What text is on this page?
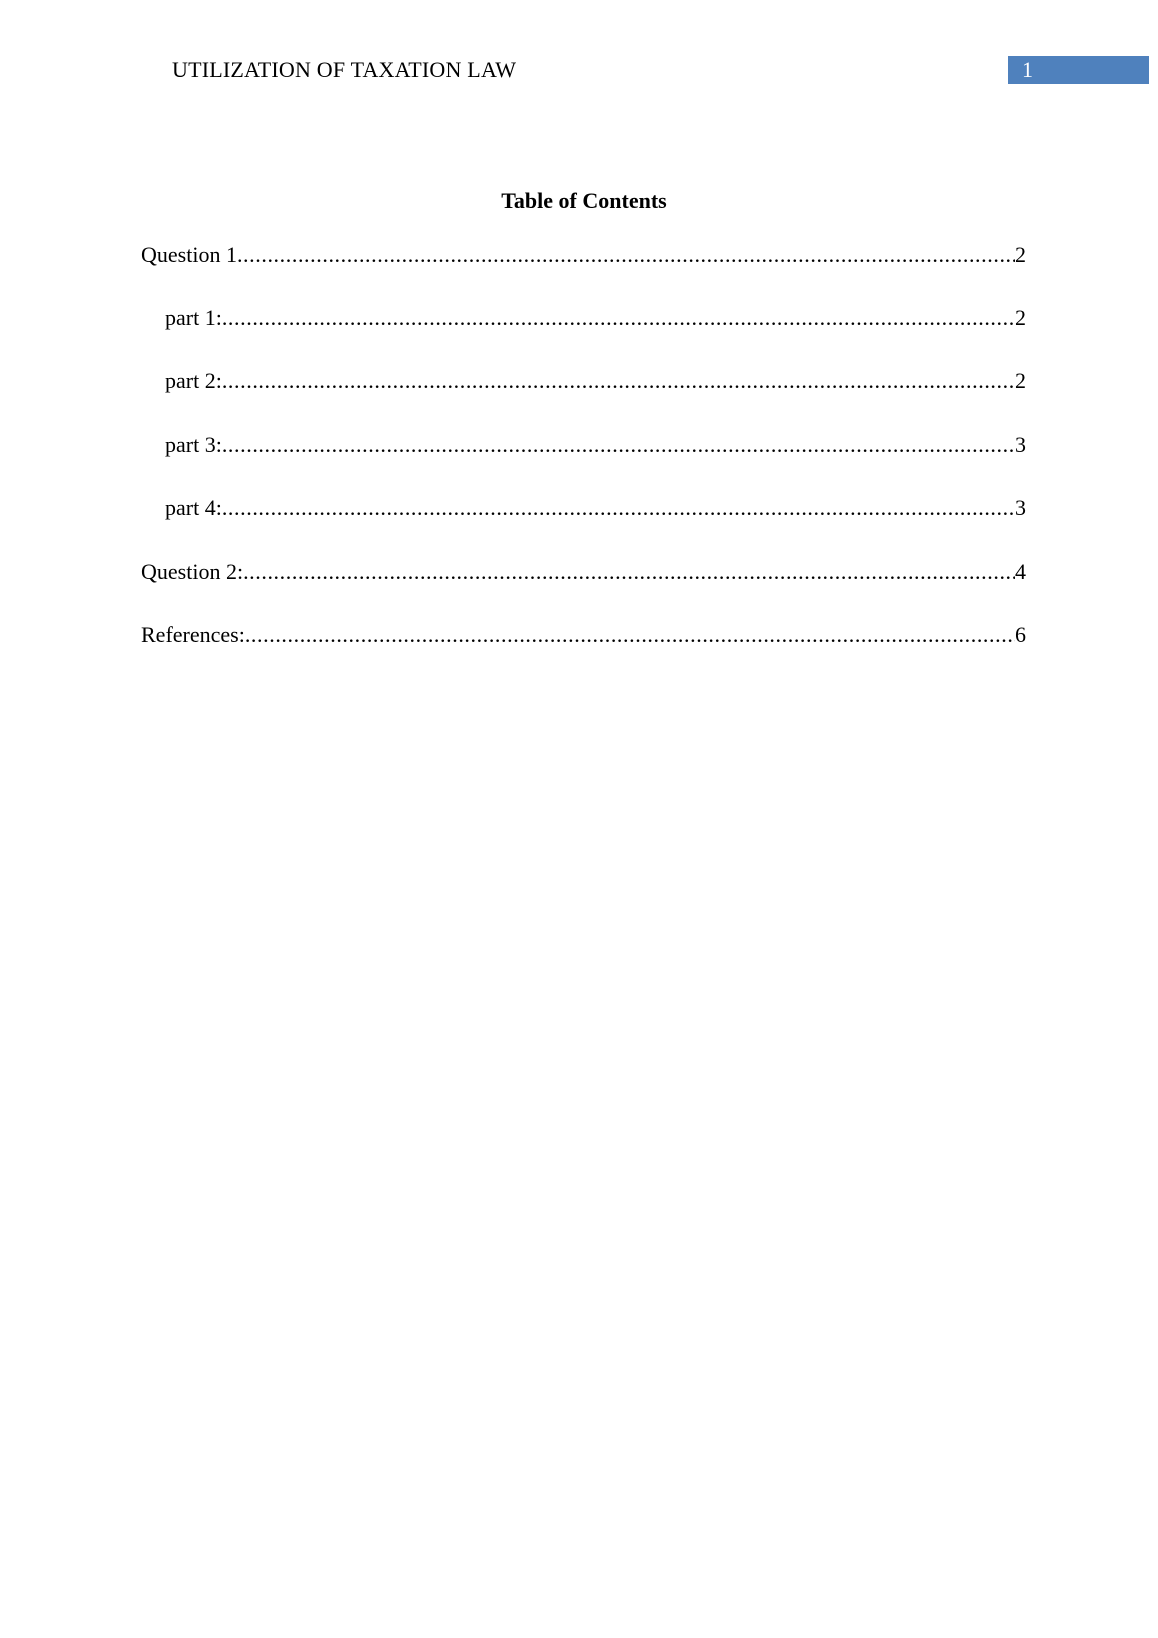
UTILIZATION OF TAXATION LAW	1
Table of Contents
Question 1 .....	2
part 1: .....	2
part 2: .....	2
part 3: .....	3
part 4: .....	3
Question 2: .....	4
References: .....	6
